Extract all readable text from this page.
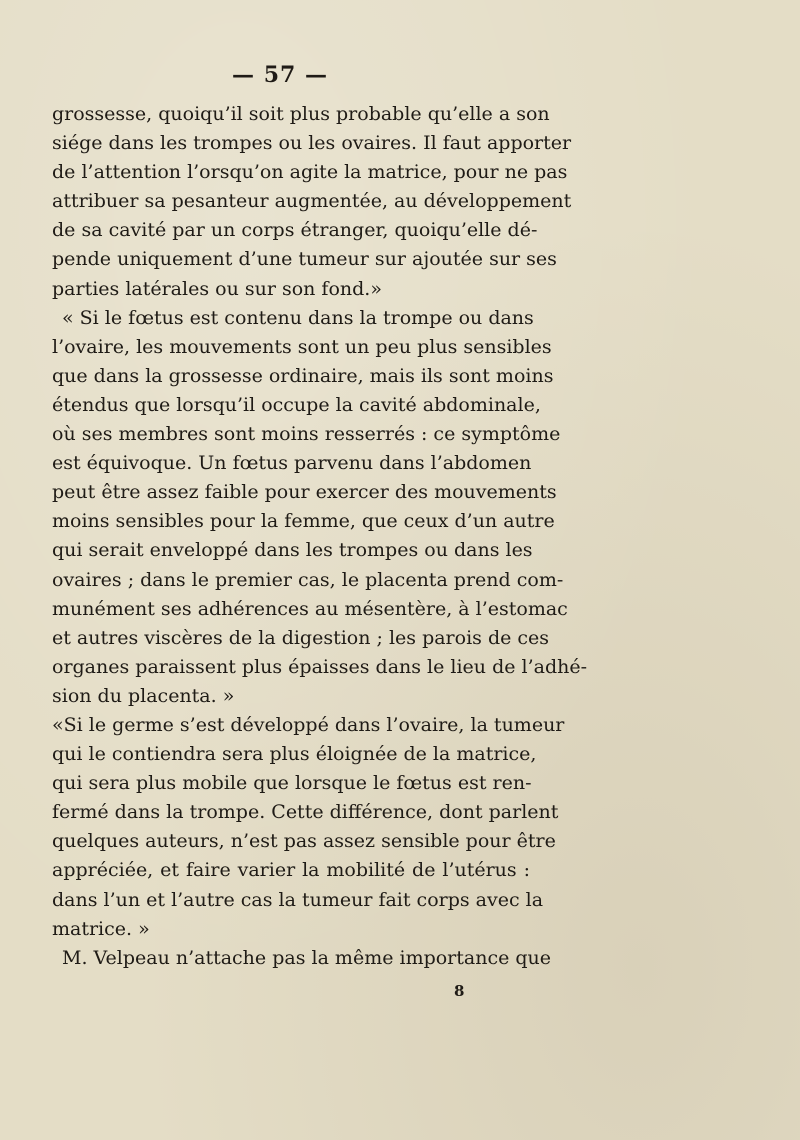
— 57 —
grossesse, quoiqu’il soit plus probable qu’elle a son
siége dans les trompes ou les ovaires. Il faut apporter
de l’attention l’orsqu’on agite la matrice, pour ne pas
attribuer sa pesanteur augmentée, au développement
de sa cavité par un corps étranger, quoiqu’elle dé-
pende uniquement d’une tumeur sur ajoutée sur ses
parties latérales ou sur son fond.»
« Si le fœtus est contenu dans la trompe ou dans
l’ovaire, les mouvements sont un peu plus sensibles
que dans la grossesse ordinaire, mais ils sont moins
étendus que lorsqu’il occupe la cavité abdominale,
où ses membres sont moins resserrés : ce symptôme
est équivoque. Un fœtus parvenu dans l’abdomen
peut être assez faible pour exercer des mouvements
moins sensibles pour la femme, que ceux d’un autre
qui serait enveloppé dans les trompes ou dans les
ovaires ; dans le premier cas, le placenta prend com-
munément ses adhérences au mésentère, à l’estomac
et autres viscères de la digestion ; les parois de ces
organes paraissent plus épaisses dans le lieu de l’adhé-
sion du placenta. »
«Si le germe s’est développé dans l’ovaire, la tumeur
qui le contiendra sera plus éloignée de la matrice,
qui sera plus mobile que lorsque le fœtus est ren-
fermé dans la trompe. Cette différence, dont parlent
quelques auteurs, n’est pas assez sensible pour être
appréciée, et faire varier la mobilité de l’utérus :
dans l’un et l’autre cas la tumeur fait corps avec la
matrice. »
M. Velpeau n’attache pas la même importance que
8
